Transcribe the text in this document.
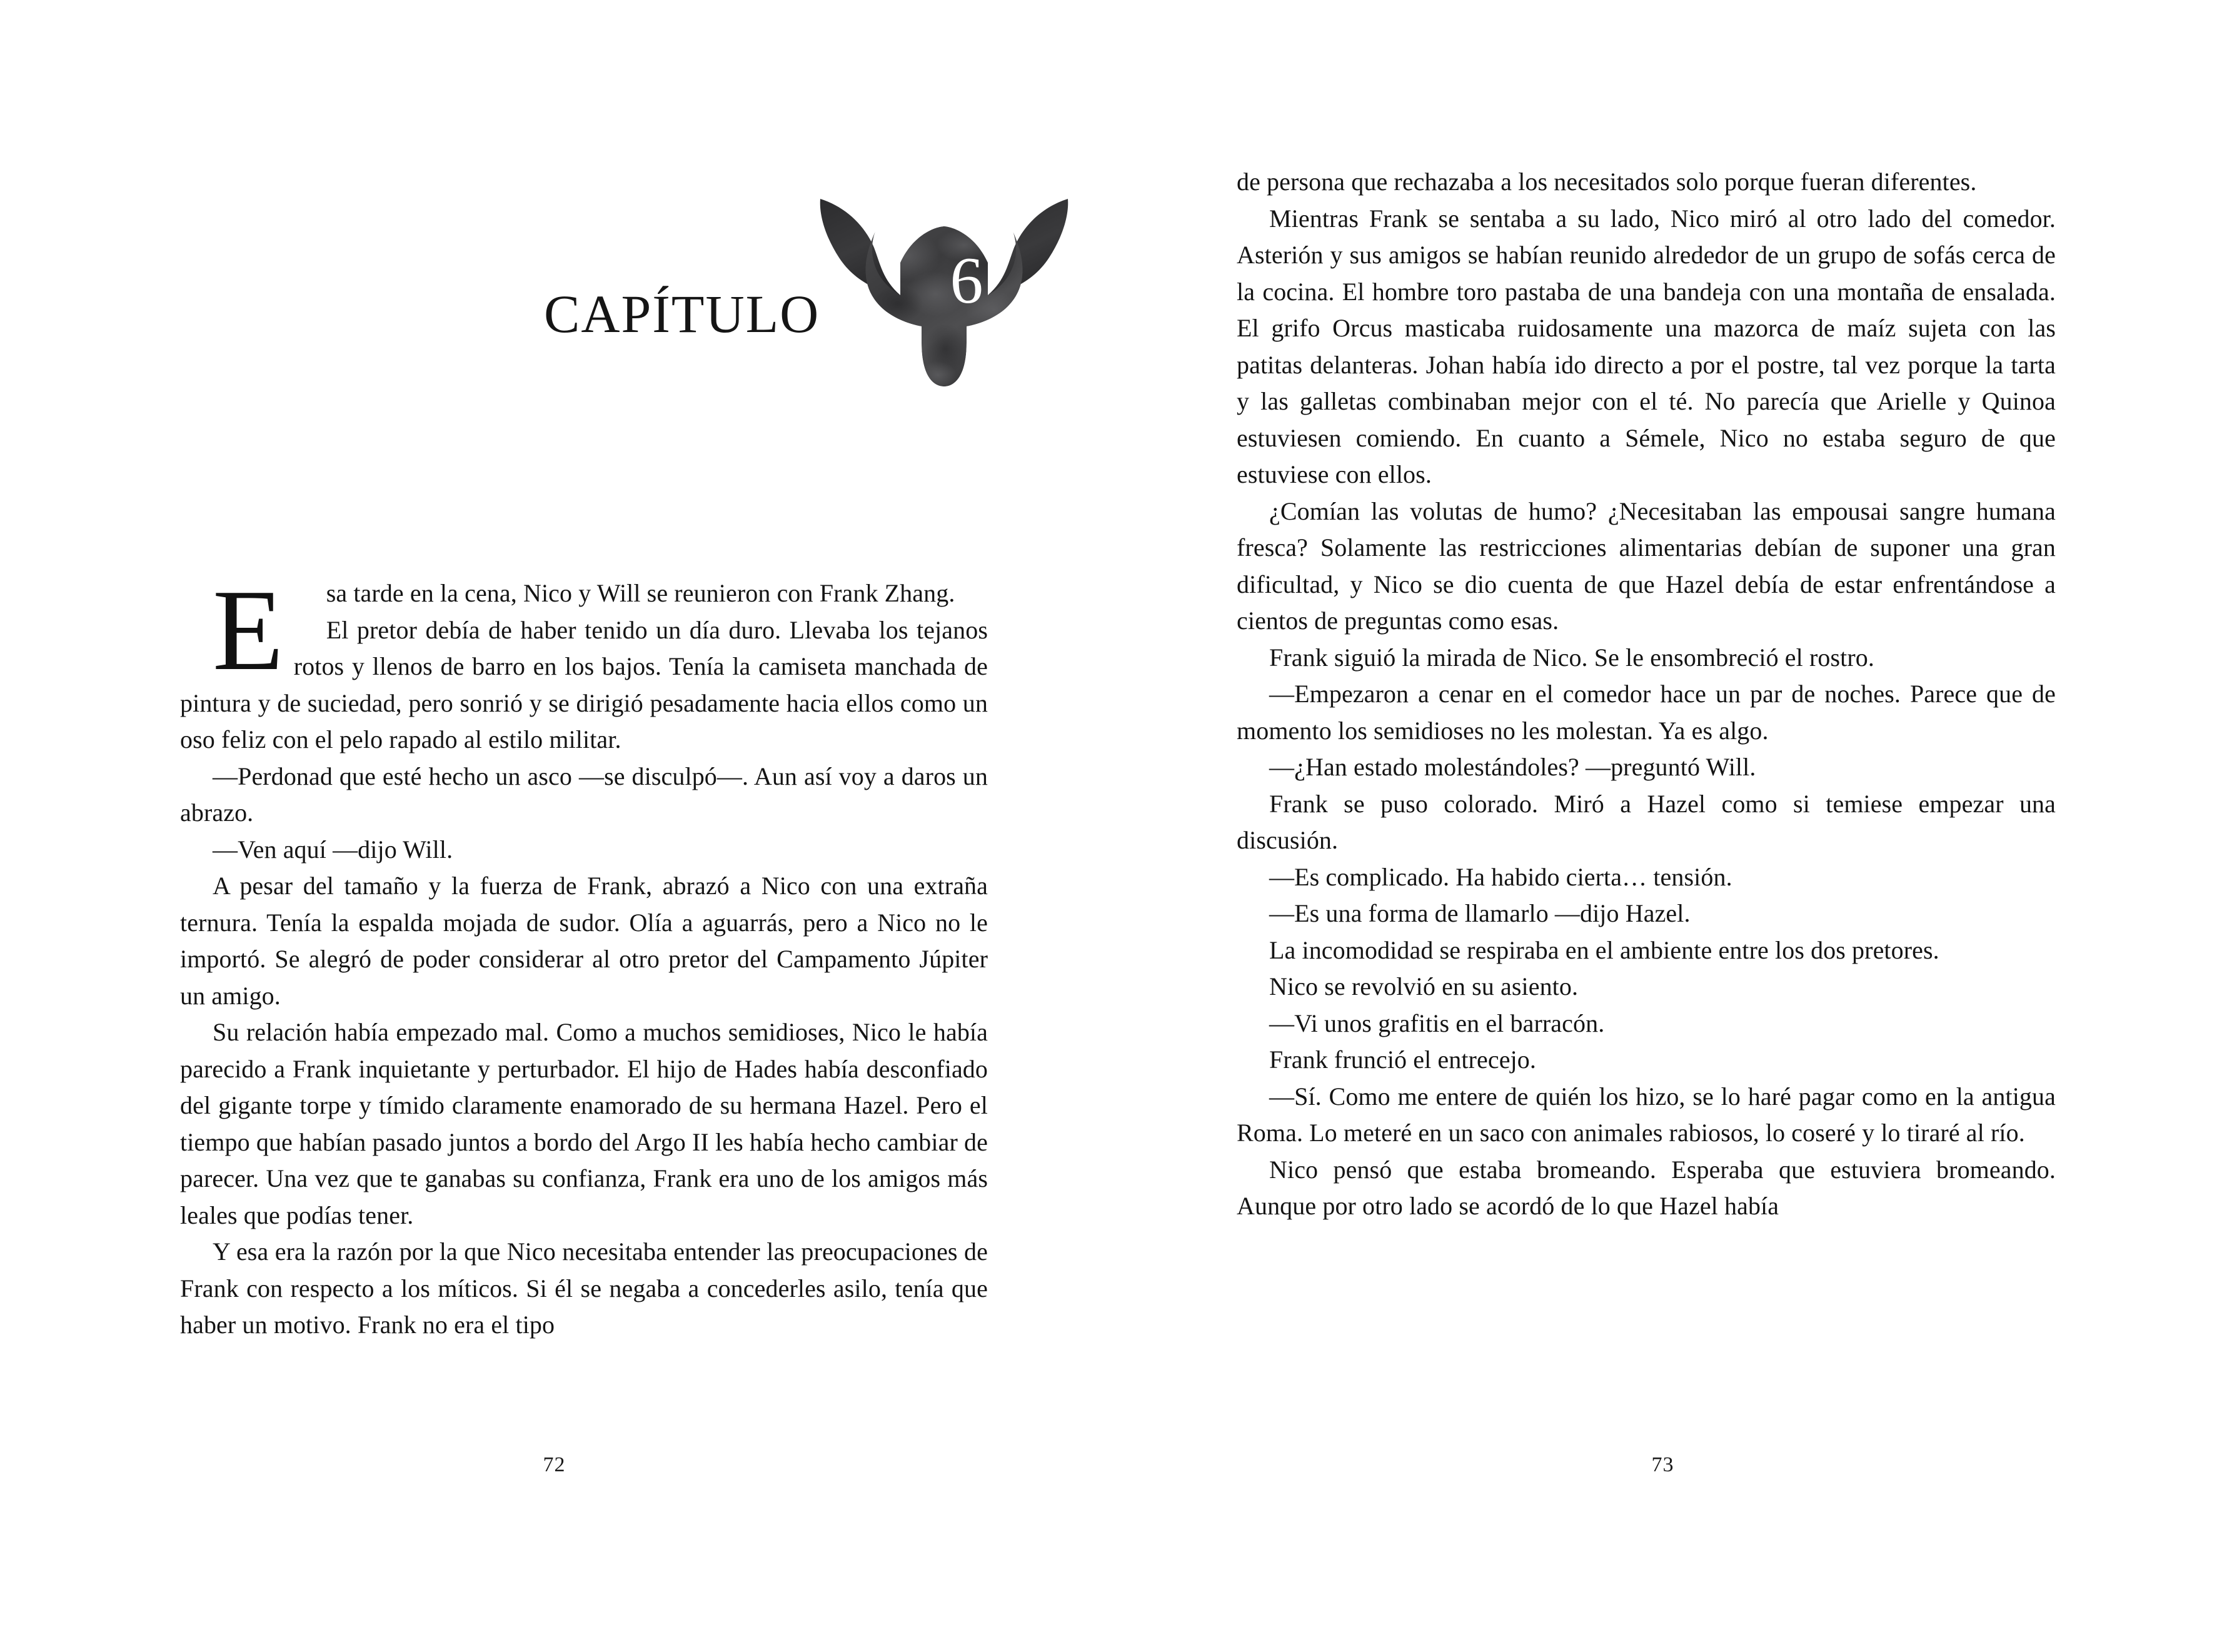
CAPÍTULO	6

E sa tarde en la cena, Nico y Will se reunieron con Frank Zhang.

El pretor debía de haber tenido un día duro. Llevaba los tejanos rotos y llenos de barro en los bajos. Tenía la camiseta manchada de pintura y de suciedad, pero sonrió y se dirigió pesadamente hacia ellos como un oso feliz con el pelo rapado al estilo militar.

—Perdonad que esté hecho un asco —se disculpó—. Aun así voy a daros un abrazo.

—Ven aquí —dijo Will.

A pesar del tamaño y la fuerza de Frank, abrazó a Nico con una extraña ternura. Tenía la espalda mojada de sudor. Olía a aguarrás, pero a Nico no le importó. Se alegró de poder considerar al otro pretor del Campamento Júpiter un amigo.

Su relación había empezado mal. Como a muchos semidioses, Nico le había parecido a Frank inquietante y perturbador. El hijo de Hades había desconfiado del gigante torpe y tímido claramente enamorado de su hermana Hazel. Pero el tiempo que habían pasado juntos a bordo del Argo II les había hecho cambiar de parecer. Una vez que te ganabas su confianza, Frank era uno de los amigos más leales que podías tener.

Y esa era la razón por la que Nico necesitaba entender las preocupaciones de Frank con respecto a los míticos. Si él se negaba a concederles asilo, tenía que haber un motivo. Frank no era el tipo

72

de persona que rechazaba a los necesitados solo porque fueran diferentes.

Mientras Frank se sentaba a su lado, Nico miró al otro lado del comedor. Asterión y sus amigos se habían reunido alrededor de un grupo de sofás cerca de la cocina. El hombre toro pastaba de una bandeja con una montaña de ensalada. El grifo Orcus masticaba ruidosamente una mazorca de maíz sujeta con las patitas delanteras. Johan había ido directo a por el postre, tal vez porque la tarta y las galletas combinaban mejor con el té. No parecía que Arielle y Quinoa estuviesen comiendo. En cuanto a Sémele, Nico no estaba seguro de que estuviese con ellos.

¿Comían las volutas de humo? ¿Necesitaban las empousai sangre humana fresca? Solamente las restricciones alimentarias debían de suponer una gran dificultad, y Nico se dio cuenta de que Hazel debía de estar enfrentándose a cientos de preguntas como esas.

Frank siguió la mirada de Nico. Se le ensombreció el rostro.

—Empezaron a cenar en el comedor hace un par de noches. Parece que de momento los semidioses no les molestan. Ya es algo.

—¿Han estado molestándoles? —preguntó Will.

Frank se puso colorado. Miró a Hazel como si temiese empezar una discusión.

—Es complicado. Ha habido cierta… tensión.

—Es una forma de llamarlo —dijo Hazel.

La incomodidad se respiraba en el ambiente entre los dos pretores.

Nico se revolvió en su asiento.

—Vi unos grafitis en el barracón.

Frank frunció el entrecejo.

—Sí. Como me entere de quién los hizo, se lo haré pagar como en la antigua Roma. Lo meteré en un saco con animales rabiosos, lo coseré y lo tiraré al río.

Nico pensó que estaba bromeando. Esperaba que estuviera bromeando. Aunque por otro lado se acordó de lo que Hazel había

73
